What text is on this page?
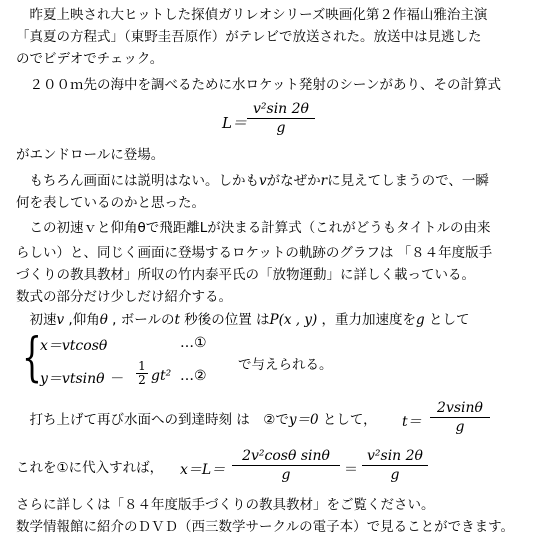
　昨夏上映され大ヒットした探偵ガリレオシリーズ映画化第２作福山雅治主演
「真夏の方程式」（東野圭吾原作）がテレビで放送された。放送中は見逃した
のでビデオでチェック。
　２００ｍ先の海中を調べるために水ロケット発射のシーンがあり、その計算式
L＝
v²sin 2θ
g
がエンドロールに登場。
　もちろん画面には説明はない。しかもvがなぜかrに見えてしまうので、一瞬
何を表しているのかと思った。
　この初速ｖと仰角θで飛距離Lが決まる計算式（これがどうもタイトルの由来
らしい）と、同じく画面に登場するロケットの軌跡のグラフは 「８４年度版手
づくりの教具教材」所収の竹内泰平氏の「放物運動」に詳しく載っている。
数式の部分だけ少しだけ紹介する。
　初速v ,仰角θ , ボールのt 秒後の位置 はP(x , y) ，重力加速度をg として
{
x＝vtcosθ	…①
y＝vtsinθ －
1
2 gt² …②
で与えられる。
　打ち上げて再び水面への到達時刻 は　②でy＝0 として， t＝
2vsinθ
g
これを①に代入すれば， x＝L＝
2v²cosθ sinθ
g	＝
v²sin 2θ
g
さらに詳しくは「８４年度版手づくりの教具教材」をご覧ください。
数学情報館に紹介のＤＶＤ（西三数学サークルの電子本）で見ることができます。
